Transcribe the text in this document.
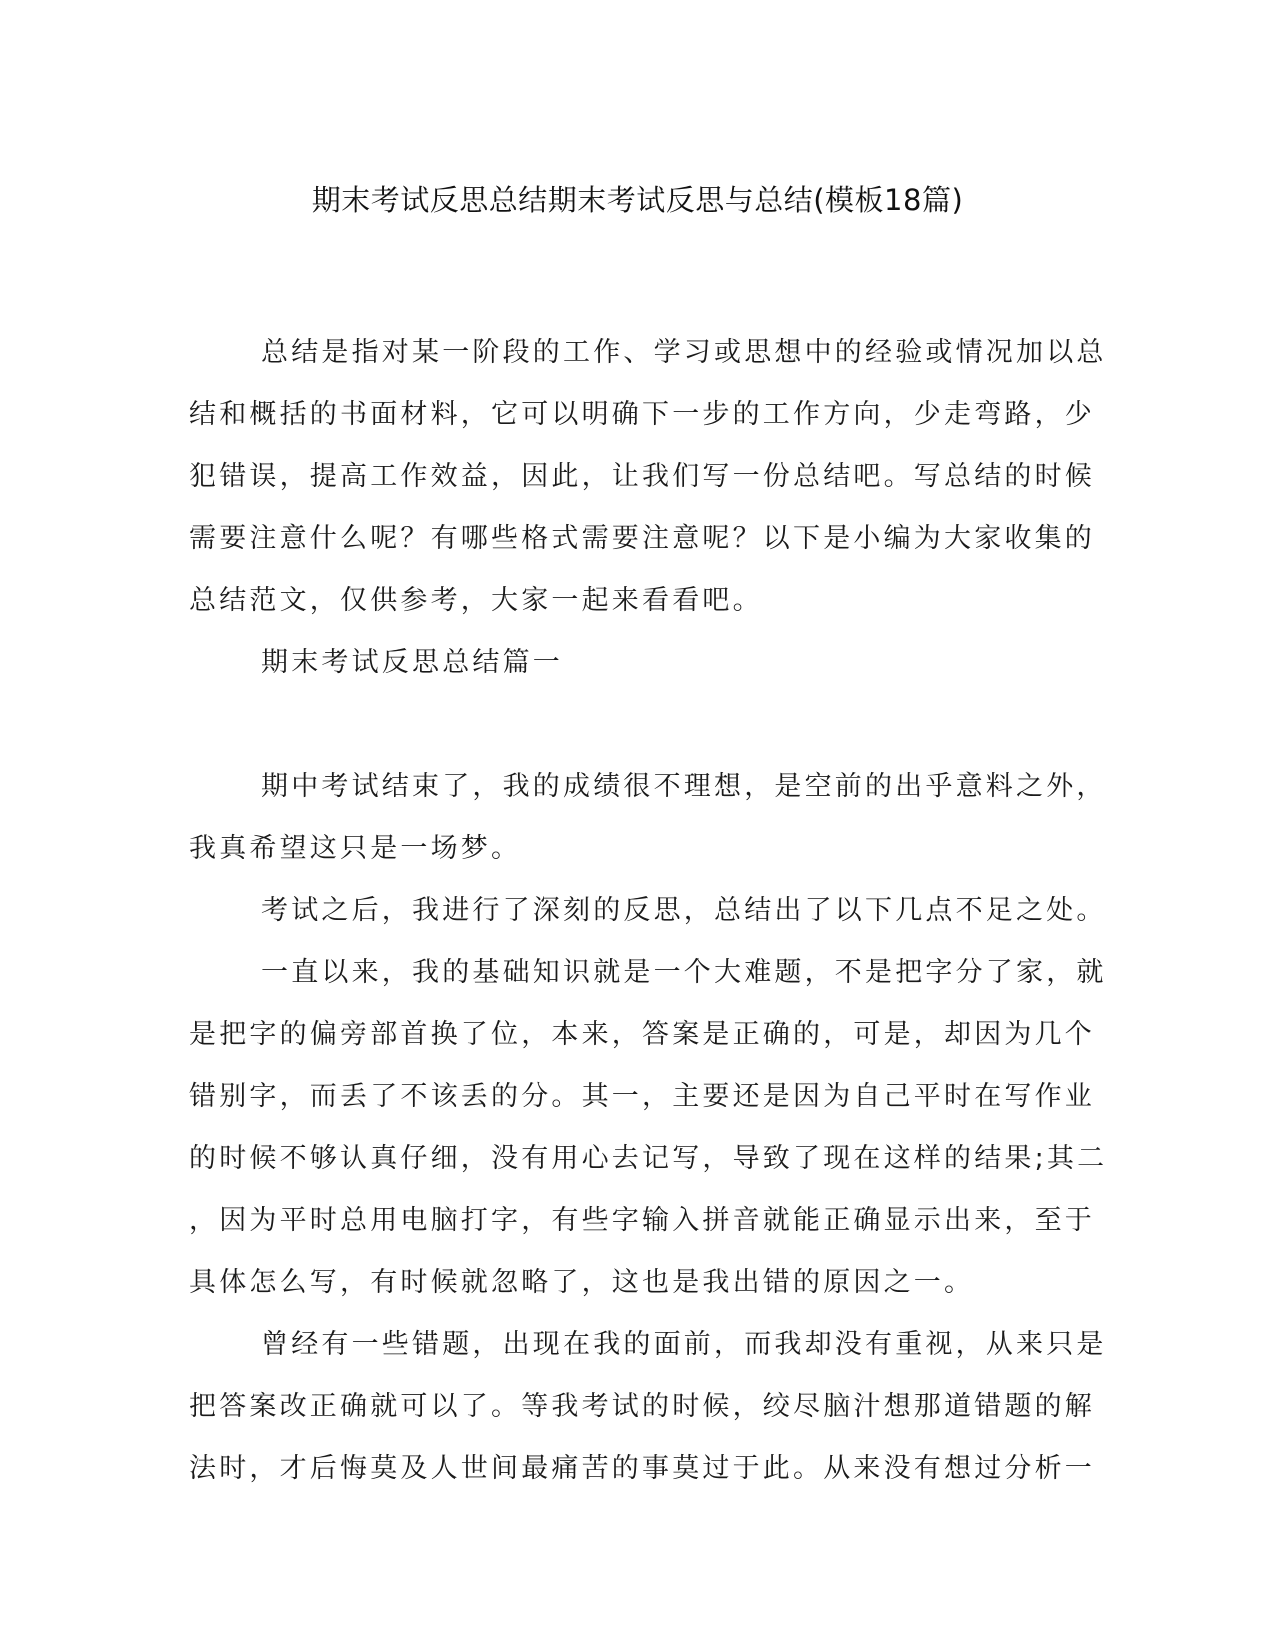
期末考试反思总结期末考试反思与总结(模板18篇)

总结是指对某一阶段的工作、学习或思想中的经验或情况加以总

结和概括的书面材料，它可以明确下一步的工作方向，少走弯路，少

犯错误，提高工作效益，因此，让我们写一份总结吧。写总结的时候

需要注意什么呢？有哪些格式需要注意呢？以下是小编为大家收集的

总结范文，仅供参考，大家一起来看看吧。

期末考试反思总结篇一

期中考试结束了，我的成绩很不理想，是空前的出乎意料之外，

我真希望这只是一场梦。

考试之后，我进行了深刻的反思，总结出了以下几点不足之处。

一直以来，我的基础知识就是一个大难题，不是把字分了家，就

是把字的偏旁部首换了位，本来，答案是正确的，可是，却因为几个

错别字，而丢了不该丢的分。其一，主要还是因为自己平时在写作业

的时候不够认真仔细，没有用心去记写，导致了现在这样的结果;其二

，因为平时总用电脑打字，有些字输入拼音就能正确显示出来，至于

具体怎么写，有时候就忽略了，这也是我出错的原因之一。

曾经有一些错题，出现在我的面前，而我却没有重视，从来只是

把答案改正确就可以了。等我考试的时候，绞尽脑汁想那道错题的解

法时，才后悔莫及人世间最痛苦的事莫过于此。从来没有想过分析一
